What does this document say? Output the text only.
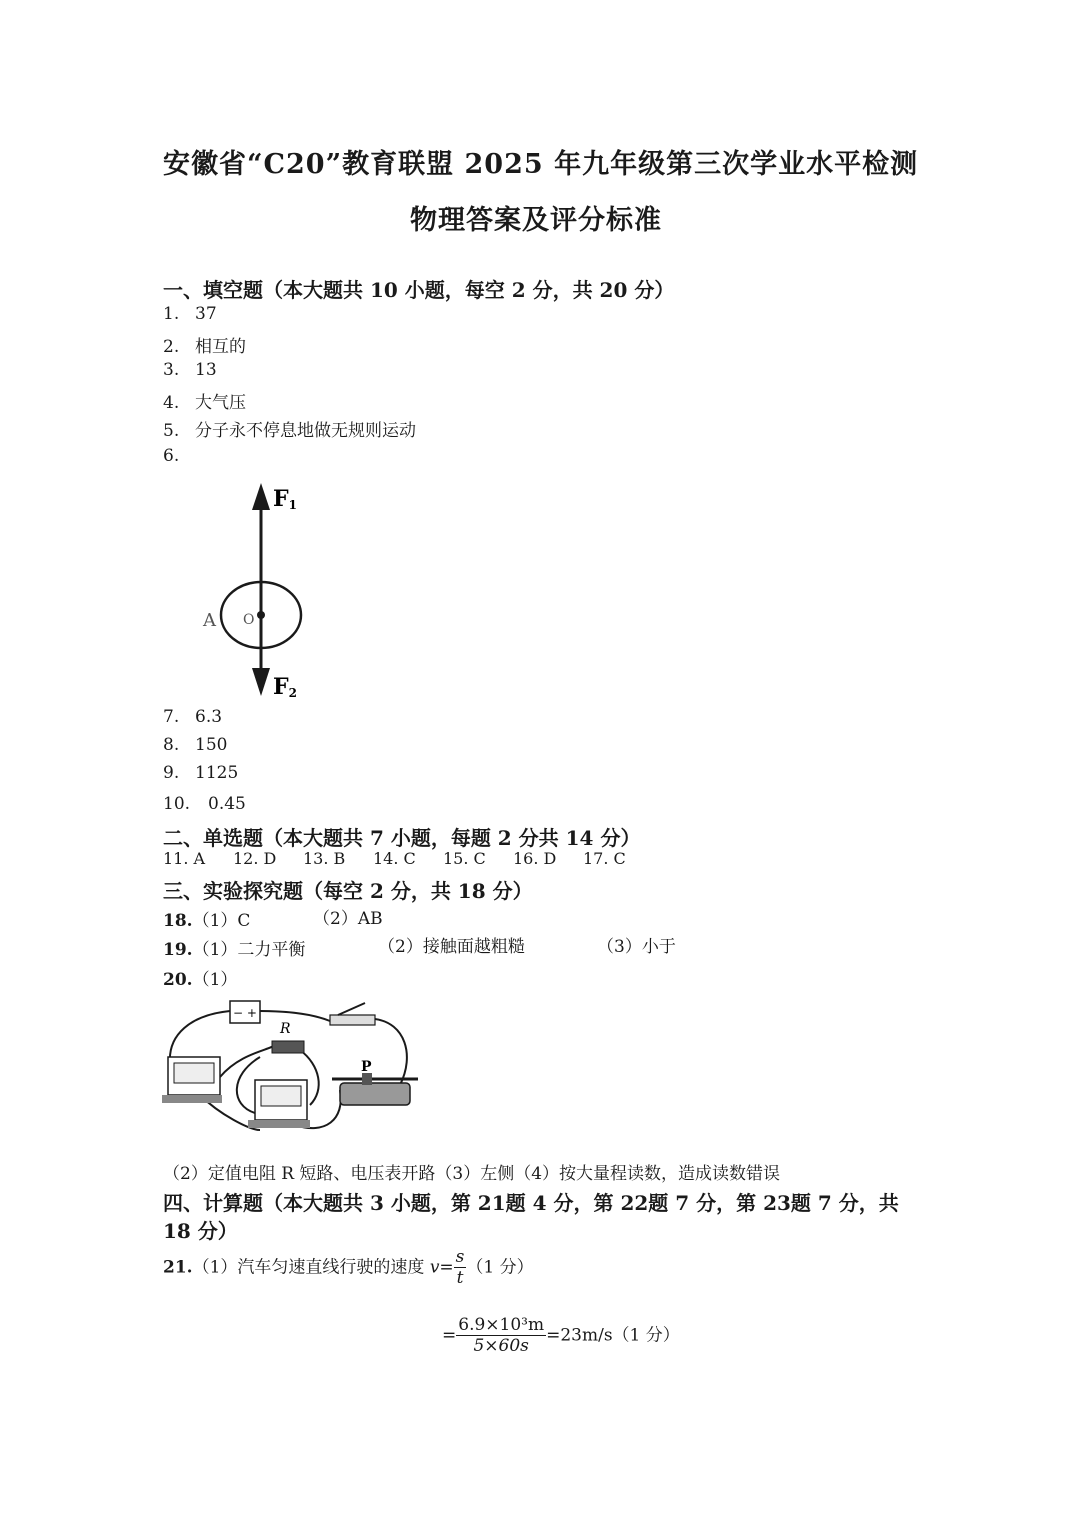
安徽省“C20”教育联盟 2025 年九年级第三次学业水平检测
物理答案及评分标准
一、填空题（本大题共 10 小题，每空 2 分，共 20 分）
1. 37
2. 相互的
3. 13
4. 大气压
5. 分子永不停息地做无规则运动
6.
F1
F2
A O
7. 6.3
8. 150
9. 1125
10. 0.45
二、单选题（本大题共 7 小题，每题 2 分共 14 分）
11. A 12. D 13. B 14. C 15. C 16. D 17. C
三、实验探究题（每空 2 分，共 18 分）
18.（1）C	（2）AB
19.（1）二力平衡	（2）接触面越粗糙	（3）小于
20.（1）
− +
R
P
（2）定值电阻 R 短路、电压表开路（3）左侧（4）按大量程读数，造成读数错误
四、计算题（本大题共 3 小题，第 21题 4 分，第 22题 7 分，第 23题 7 分，共
18 分）
21.（1）汽车匀速直线行驶的速度 $v= \frac{s}{t} (1$ 分）
= $\frac{\text{6.9×10³m}}{5\times 60s} =23m/s(1$ 分）
